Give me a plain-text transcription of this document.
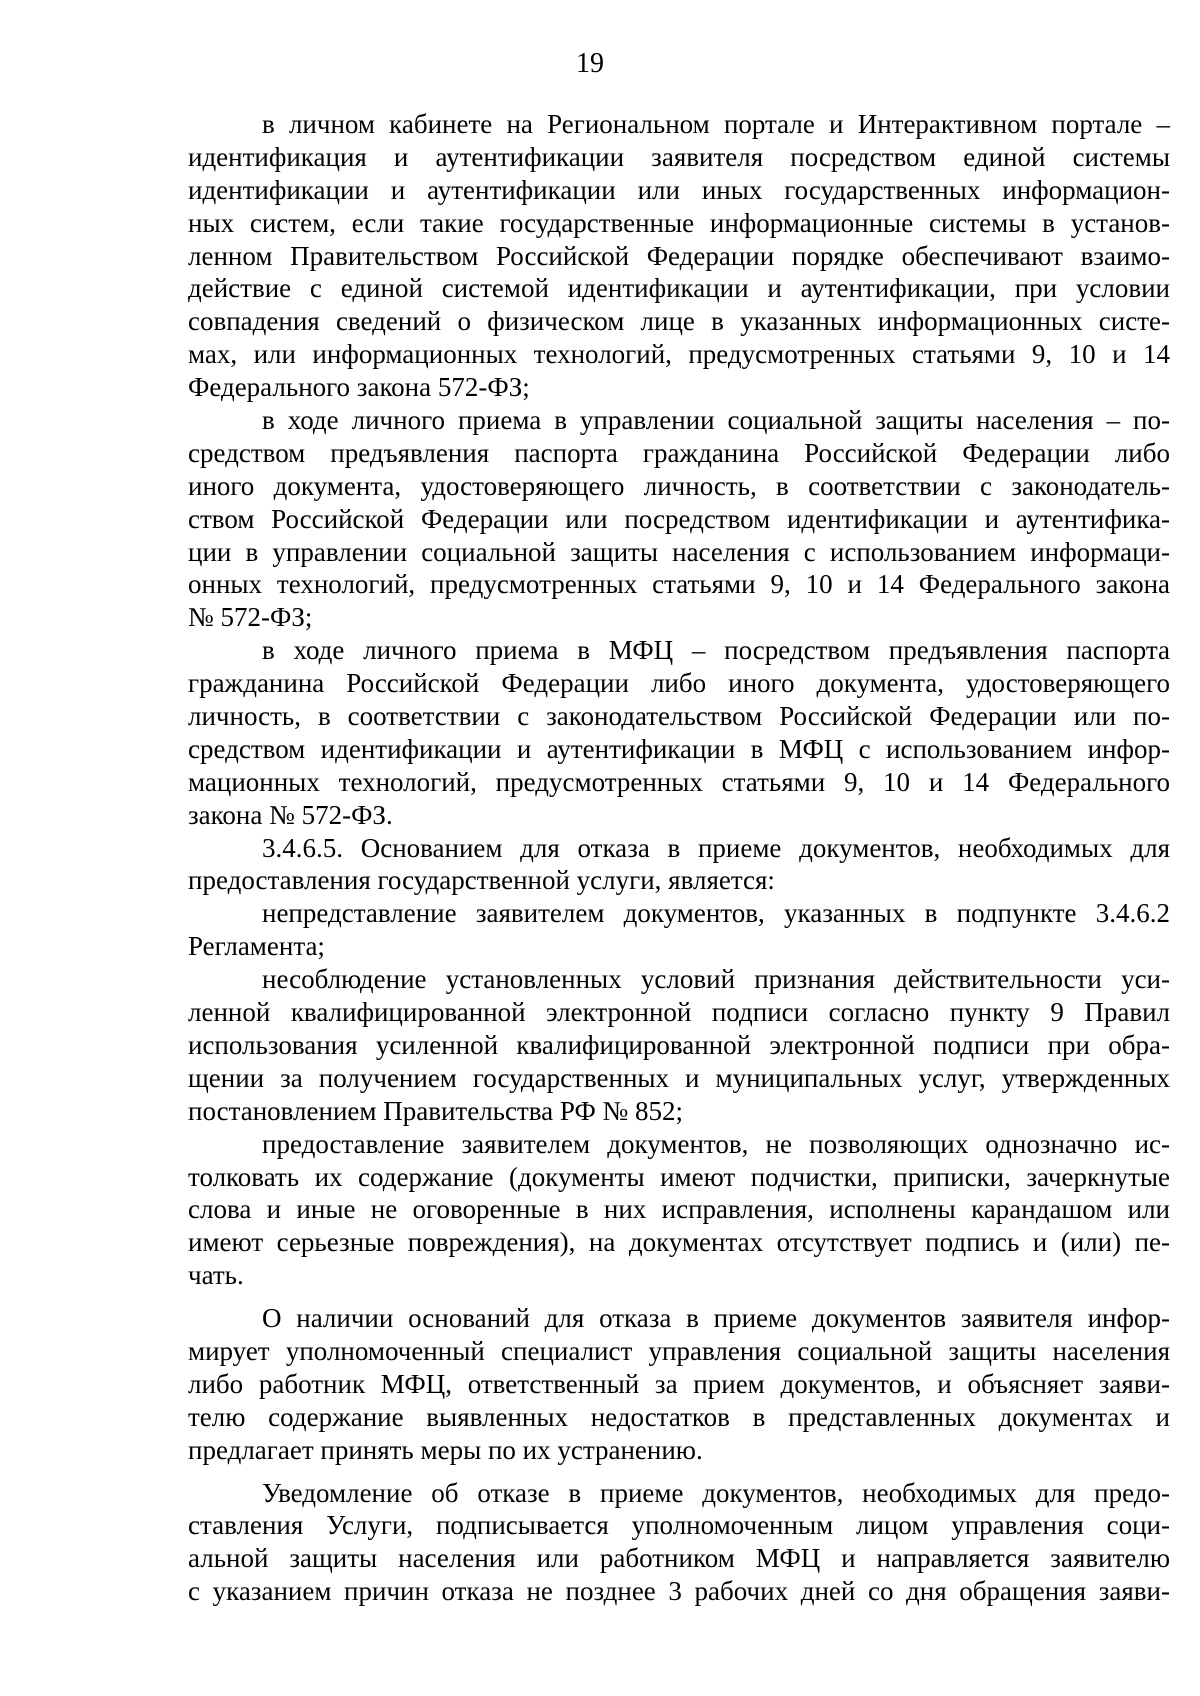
19
в личном кабинете на Региональном портале и Интерактивном портале –
идентификация и аутентификации заявителя посредством единой системы
идентификации и аутентификации или иных государственных информацион-
ных систем, если такие государственные информационные системы в установ-
ленном Правительством Российской Федерации порядке обеспечивают взаимо-
действие с единой системой идентификации и аутентификации, при условии
совпадения сведений о физическом лице в указанных информационных систе-
мах, или информационных технологий, предусмотренных статьями 9, 10 и 14
Федерального закона 572-ФЗ;
в ходе личного приема в управлении социальной защиты населения – по-
средством предъявления паспорта гражданина Российской Федерации либо
иного документа, удостоверяющего личность, в соответствии с законодатель-
ством Российской Федерации или посредством идентификации и аутентифика-
ции в управлении социальной защиты населения с использованием информаци-
онных технологий, предусмотренных статьями 9, 10 и 14 Федерального закона
№ 572-ФЗ;
в ходе личного приема в МФЦ – посредством предъявления паспорта
гражданина Российской Федерации либо иного документа, удостоверяющего
личность, в соответствии с законодательством Российской Федерации или по-
средством идентификации и аутентификации в МФЦ с использованием инфор-
мационных технологий, предусмотренных статьями 9, 10 и 14 Федерального
закона № 572-ФЗ.
3.4.6.5. Основанием для отказа в приеме документов, необходимых для
предоставления государственной услуги, является:
непредставление заявителем документов, указанных в подпункте 3.4.6.2
Регламента;
несоблюдение установленных условий признания действительности уси-
ленной квалифицированной электронной подписи согласно пункту 9 Правил
использования усиленной квалифицированной электронной подписи при обра-
щении за получением государственных и муниципальных услуг, утвержденных
постановлением Правительства РФ № 852;
предоставление заявителем документов, не позволяющих однозначно ис-
толковать их содержание (документы имеют подчистки, приписки, зачеркнутые
слова и иные не оговоренные в них исправления, исполнены карандашом или
имеют серьезные повреждения), на документах отсутствует подпись и (или) пе-
чать.
О наличии оснований для отказа в приеме документов заявителя инфор-
мирует уполномоченный специалист управления социальной защиты населения
либо работник МФЦ, ответственный за прием документов, и объясняет заяви-
телю содержание выявленных недостатков в представленных документах и
предлагает принять меры по их устранению.
Уведомление об отказе в приеме документов, необходимых для предо-
ставления Услуги, подписывается уполномоченным лицом управления соци-
альной защиты населения или работником МФЦ и направляется заявителю
с указанием причин отказа не позднее 3 рабочих дней со дня обращения заяви-
